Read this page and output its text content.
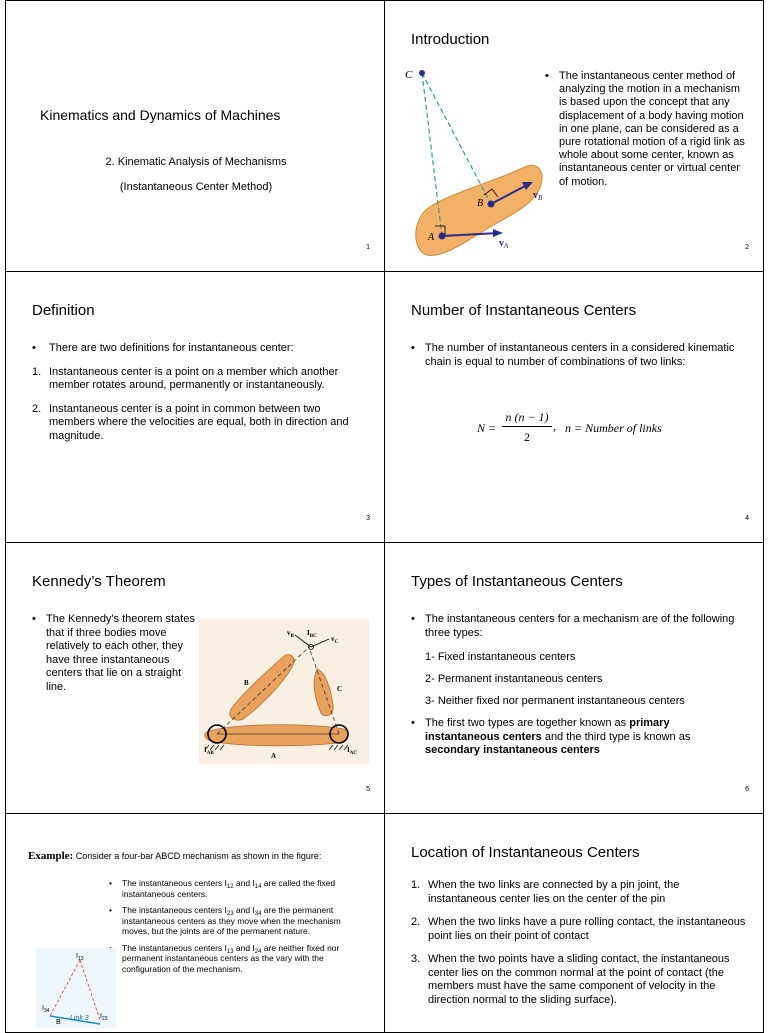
Kinematics and Dynamics of Machines
2. Kinematic Analysis of Mechanisms
(Instantaneous Center Method)
1
Introduction
C
B
A
$v_B$
$v_A$
• The instantaneous center method of analyzing the motion in a mechanism is based upon the concept that any displacement of a body having motion in one plane, can be considered as a pure rotational motion of a rigid link as whole about some center, known as instantaneous center or virtual center of motion.
2
Definition
• There are two definitions for instantaneous center:
1. Instantaneous center is a point on a member which another member rotates around, permanently or instantaneously.
2. Instantaneous center is a point in common between two members where the velocities are equal, both in direction and magnitude.
3
Number of Instantaneous Centers
• The number of instantaneous centers in a considered kinematic chain is equal to number of combinations of two links:
N =
n (n − 1)
2
, n = Number of links
4
Kennedy’s Theorem
• The Kennedy's theorem states that if three bodies move relatively to each other, they have three instantaneous centers that lie on a straight line.
$v_B$ $I_{BC}$ $v_C$
B
C
$I_{AB}$	A
$I_{AC}$
5
Types of Instantaneous Centers
• The instantaneous centers for a mechanism are of the following three types:
1- Fixed instantaneous centers
2- Permanent instantaneous centers
3- Neither fixed nor permanent instantaneous centers
• The first two types are together known as primary instantaneous centers and the third type is known as secondary instantaneous centers
6
Example: Consider a four-bar ABCD mechanism as shown in the figure:
• The instantaneous centers $I_{12}$ and $I_{14}$ are called the fixed instantaneous centers.
• The instantaneous centers $I_{23}$ and $I_{34}$ are the permanent instantaneous centers as they move when the mechanism moves, but the joints are of the permanent nature.
• The instantaneous centers $I_{13}$ and $I_{24}$ are neither fixed nor permanent instantaneous centers as the vary with the configuration of the mechanism.
$I_{13}$
$I_{34}$
B
Link 3 $I_{23}$
Location of Instantaneous Centers
1. When the two links are connected by a pin joint, the instantaneous center lies on the center of the pin
2. When the two links have a pure rolling contact, the instantaneous point lies on their point of contact
3. When the two points have a sliding contact, the instantaneous center lies on the common normal at the point of contact (the members must have the same component of velocity in the direction normal to the sliding surface).
